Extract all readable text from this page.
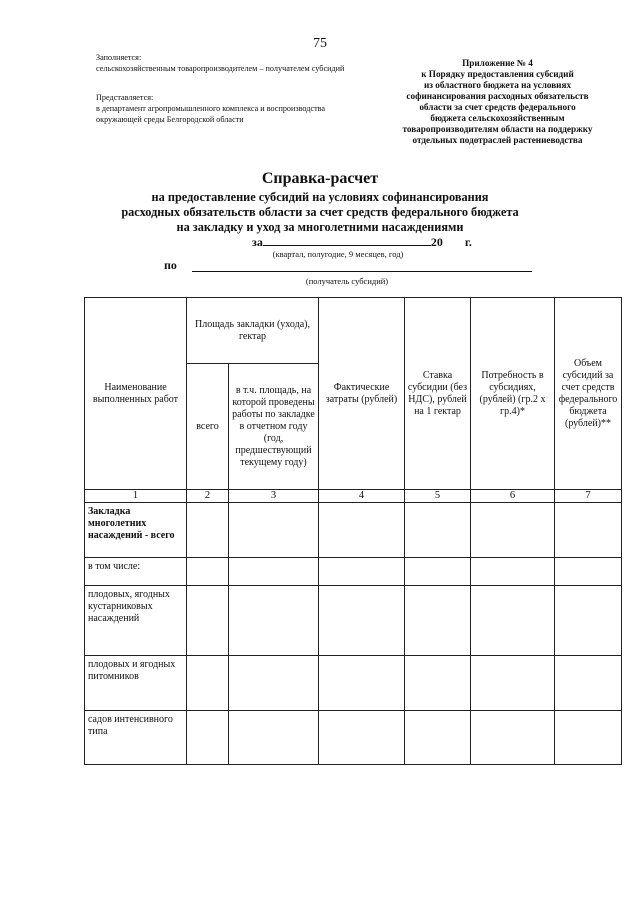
75

Заполняется:

сельскохозяйственным товаропроизводителем – получателем субсидий

Представляется:

в департамент агропромышленного комплекса и воспроизводства окружающей среды Белгородской области

Приложение № 4

к Порядку предоставления субсидий

из областного бюджета на условиях

софинансирования расходных обязательств

области за счет средств федерального

бюджета сельскохозяйственным

товаропроизводителям области на поддержку

отдельных подотраслей растениеводства

Справка-расчет
на предоставление субсидий на условиях софинансирования
расходных обязательств области за счет средств федерального бюджета
на закладку и уход за многолетними насаждениями
за	20 г.
(квартал, полугодие, 9 месяцев, год)
по
(получатель субсидий)
Наименование выполненных работ	Площадь закладки (ухода), гектар		Фактические затраты (рублей)	Ставка субсидии (без НДС), рублей на 1 гектар	Потребность в субсидиях, (рублей) (гр.2 х гр.4)*	Объем субсидий за счет средств федерального бюджета (рублей)**
	всего	в т.ч. площадь, на которой проведены работы по закладке в отчетном году (год, предшествующий текущему году)				
1	2	3	4	5	6	7
Закладка многолетних насаждений - всего						
в том числе:						
плодовых, ягодных кустарниковых насаждений						
плодовых и ягодных питомников						
садов интенсивного типа						
